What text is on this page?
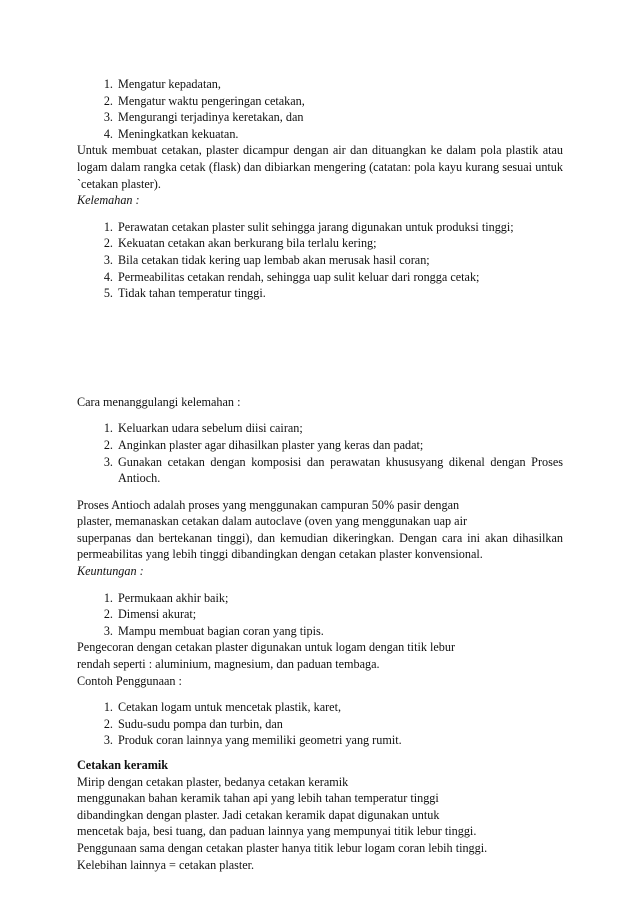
1. Mengatur kepadatan,
2. Mengatur waktu pengeringan cetakan,
3. Mengurangi terjadinya keretakan, dan
4. Meningkatkan kekuatan.

Untuk membuat cetakan, plaster dicampur dengan air dan dituangkan ke dalam pola plastik atau logam dalam rangka cetak (flask) dan dibiarkan mengering (catatan: pola kayu kurang sesuai untuk `cetakan plaster).

Kelemahan :

1. Perawatan cetakan plaster sulit sehingga jarang digunakan untuk produksi tinggi;
2. Kekuatan cetakan akan berkurang bila terlalu kering;
3. Bila cetakan tidak kering uap lembab akan merusak hasil coran;
4. Permeabilitas cetakan rendah, sehingga uap sulit keluar dari rongga cetak;
5. Tidak tahan temperatur tinggi.

Cara menanggulangi kelemahan :

1. Keluarkan udara sebelum diisi cairan;
2. Anginkan plaster agar dihasilkan plaster yang keras dan padat;
3. Gunakan cetakan dengan komposisi dan perawatan khususyang dikenal dengan Proses Antioch.

Proses Antioch adalah proses yang menggunakan campuran 50% pasir dengan
plaster, memanaskan cetakan dalam autoclave (oven yang menggunakan uap air
superpanas dan bertekanan tinggi), dan kemudian dikeringkan. Dengan cara ini akan dihasilkan permeabilitas yang lebih tinggi dibandingkan dengan cetakan plaster konvensional.

Keuntungan :

1. Permukaan akhir baik;
2. Dimensi akurat;
3. Mampu membuat bagian coran yang tipis.

Pengecoran dengan cetakan plaster digunakan untuk logam dengan titik lebur
rendah seperti : aluminium, magnesium, dan paduan tembaga.

Contoh Penggunaan :

1. Cetakan logam untuk mencetak plastik, karet,
2. Sudu-sudu pompa dan turbin, dan
3. Produk coran lainnya yang memiliki geometri yang rumit.

Cetakan keramik

Mirip dengan cetakan plaster, bedanya cetakan keramik
menggunakan bahan keramik tahan api yang lebih tahan temperatur tinggi
dibandingkan dengan plaster. Jadi cetakan keramik dapat digunakan untuk
mencetak baja, besi tuang, dan paduan lainnya yang mempunyai titik lebur tinggi.
Penggunaan sama dengan cetakan plaster hanya titik lebur logam coran lebih tinggi.
Kelebihan lainnya = cetakan plaster.
